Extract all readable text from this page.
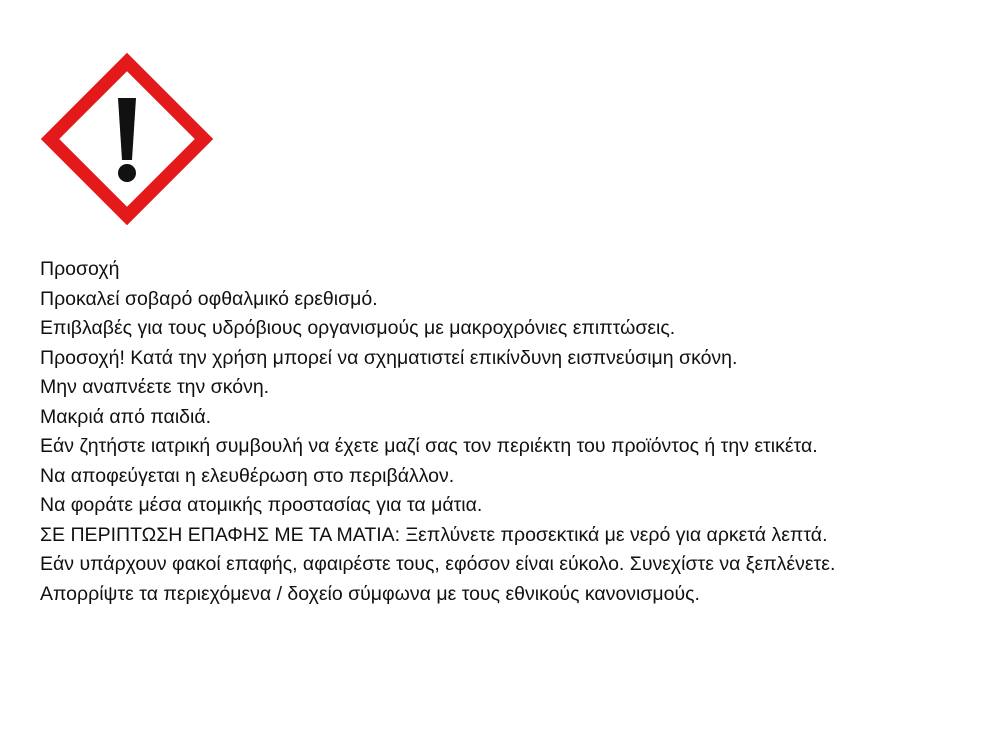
Προσοχή
Προκαλεί σοβαρό οφθαλμικό ερεθισμό.
Επιβλαβές για τους υδρόβιους οργανισμούς με μακροχρόνιες επιπτώσεις.
Προσοχή! Κατά την χρήση μπορεί να σχηματιστεί επικίνδυνη εισπνεύσιμη σκόνη.
Μην αναπνέετε την σκόνη.
Μακριά από παιδιά.
Εάν ζητήστε ιατρική συμβουλή να έχετε μαζί σας τον περιέκτη του προϊόντος ή την ετικέτα.
Να αποφεύγεται η ελευθέρωση στο περιβάλλον.
Να φοράτε μέσα ατομικής προστασίας για τα μάτια.
ΣΕ ΠΕΡΙΠΤΩΣΗ ΕΠΑΦΗΣ ΜΕ ΤΑ ΜΑΤΙΑ: Ξεπλύνετε προσεκτικά με νερό για αρκετά λεπτά.
Εάν υπάρχουν φακοί επαφής, αφαιρέστε τους, εφόσον είναι εύκολο. Συνεχίστε να ξεπλένετε.
Απορρίψτε τα περιεχόμενα / δοχείο σύμφωνα με τους εθνικούς κανονισμούς.
